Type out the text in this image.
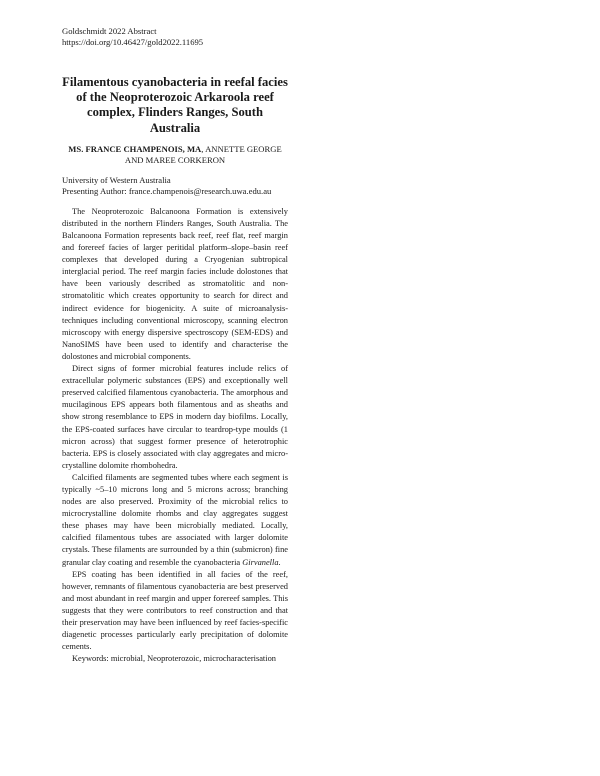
Goldschmidt 2022 Abstract

https://doi.org/10.46427/gold2022.11695

Filamentous cyanobacteria in reefal facies of the Neoproterozoic Arkaroola reef complex, Flinders Ranges, South Australia

MS. FRANCE CHAMPENOIS, MA, ANNETTE GEORGE AND MAREE CORKERON

University of Western Australia
Presenting Author: france.champenois@research.uwa.edu.au

The Neoproterozoic Balcanoona Formation is extensively distributed in the northern Flinders Ranges, South Australia. The Balcanoona Formation represents back reef, reef flat, reef margin and forereef facies of larger peritidal platform–slope–basin reef complexes that developed during a Cryogenian subtropical interglacial period. The reef margin facies include dolostones that have been variously described as stromatolitic and non-stromatolitic which creates opportunity to search for direct and indirect evidence for biogenicity. A suite of microanalysis-techniques including conventional microscopy, scanning electron microscopy with energy dispersive spectroscopy (SEM-EDS) and NanoSIMS have been used to identify and characterise the dolostones and microbial components.

Direct signs of former microbial features include relics of extracellular polymeric substances (EPS) and exceptionally well preserved calcified filamentous cyanobacteria. The amorphous and mucilaginous EPS appears both filamentous and as sheaths and show strong resemblance to EPS in modern day biofilms. Locally, the EPS-coated surfaces have circular to teardrop-type moulds (1 micron across) that suggest former presence of heterotrophic bacteria. EPS is closely associated with clay aggregates and micro-crystalline dolomite rhombohedra.

Calcified filaments are segmented tubes where each segment is typically ~5–10 microns long and 5 microns across; branching nodes are also preserved. Proximity of the microbial relics to microcrystalline dolomite rhombs and clay aggregates suggest these phases may have been microbially mediated. Locally, calcified filamentous tubes are associated with larger dolomite crystals. These filaments are surrounded by a thin (submicron) fine granular clay coating and resemble the cyanobacteria Girvanella.

EPS coating has been identified in all facies of the reef, however, remnants of filamentous cyanobacteria are best preserved and most abundant in reef margin and upper forereef samples. This suggests that they were contributors to reef construction and that their preservation may have been influenced by reef facies-specific diagenetic processes particularly early precipitation of dolomite cements.

Keywords: microbial, Neoproterozoic, microcharacterisation
